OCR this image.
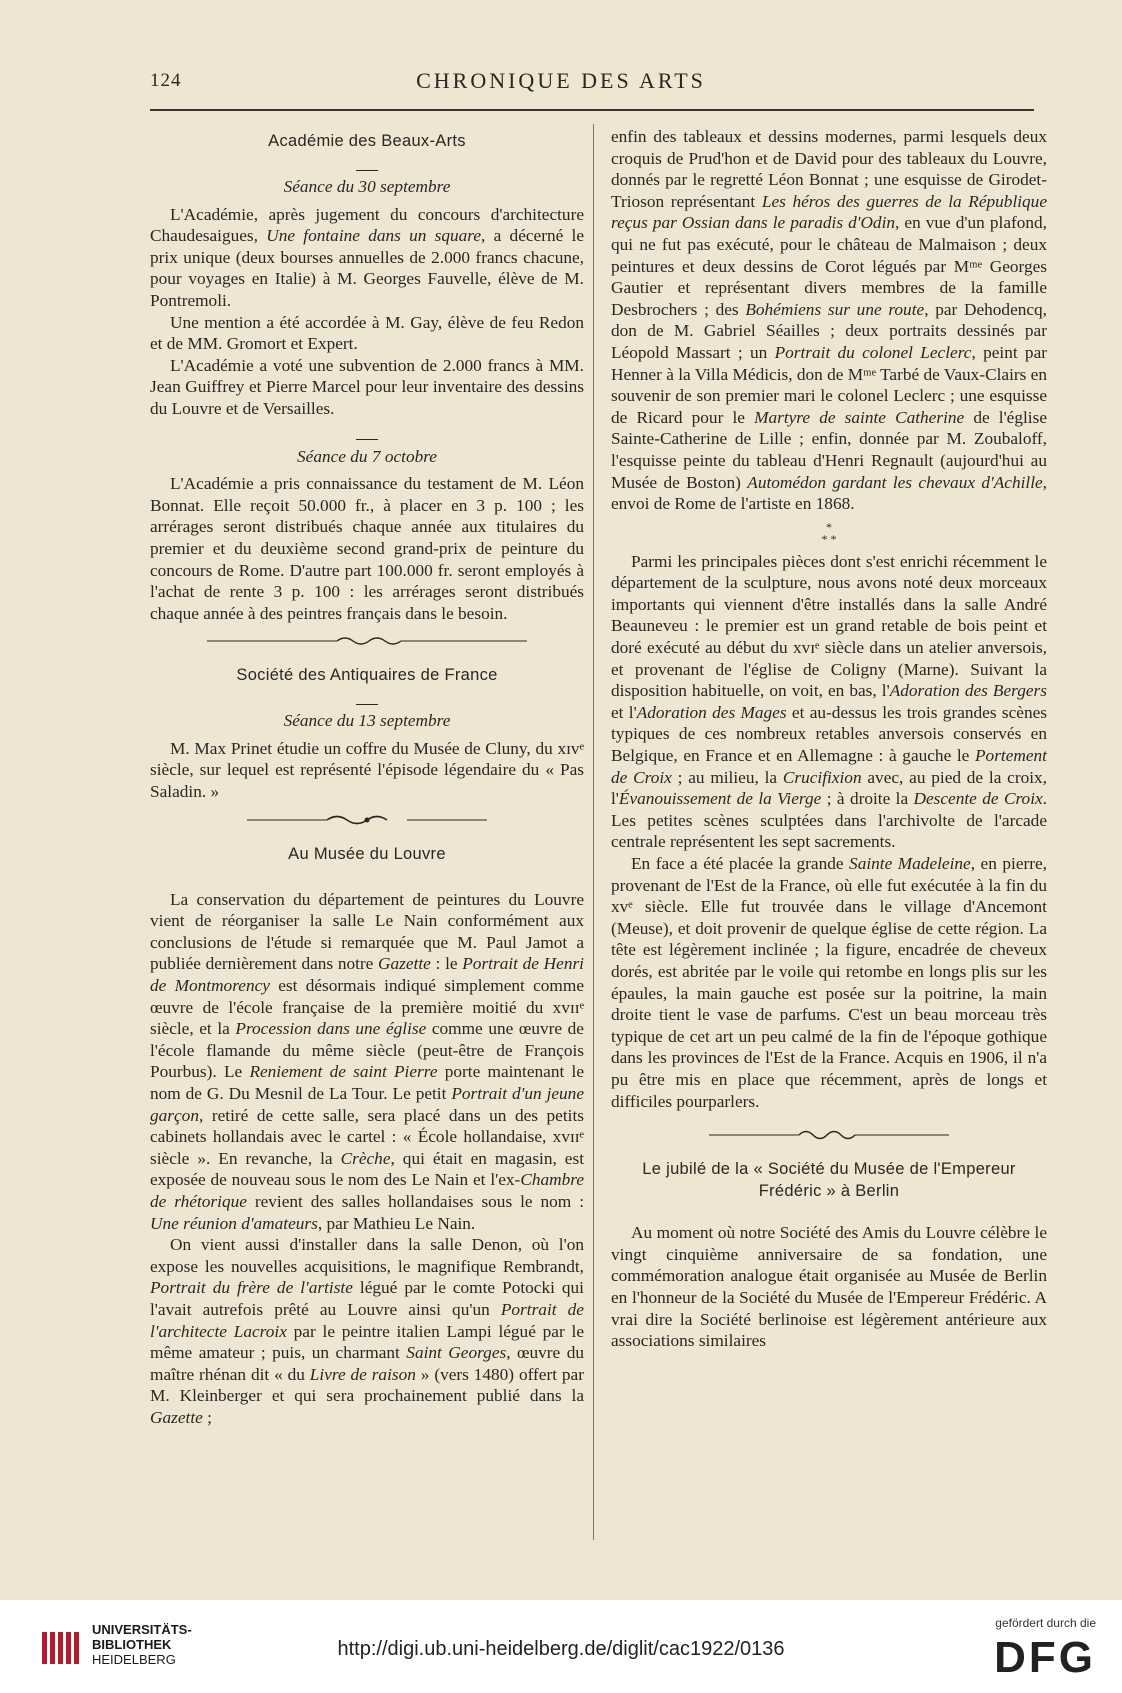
124	CHRONIQUE DES ARTS
Académie des Beaux-Arts
Séance du 30 septembre

L'Académie, après jugement du concours d'architecture Chaudesaigues, Une fontaine dans un square, a décerné le prix unique (deux bourses annuelles de 2.000 francs chacune, pour voyages en Italie) à M. Georges Fauvelle, élève de M. Pontremoli.

Une mention a été accordée à M. Gay, élève de feu Redon et de MM. Gromort et Expert.

L'Académie a voté une subvention de 2.000 francs à MM. Jean Guiffrey et Pierre Marcel pour leur inventaire des dessins du Louvre et de Versailles.

Séance du 7 octobre

L'Académie a pris connaissance du testament de M. Léon Bonnat. Elle reçoit 50.000 fr., à placer en 3 p. 100 ; les arrérages seront distribués chaque année aux titulaires du premier et du deuxième second grand-prix de peinture du concours de Rome. D'autre part 100.000 fr. seront employés à l'achat de rente 3 p. 100 : les arrérages seront distribués chaque année à des peintres français dans le besoin.

Société des Antiquaires de France
Séance du 13 septembre

M. Max Prinet étudie un coffre du Musée de Cluny, du xɪvᵉ siècle, sur lequel est représenté l'épisode légendaire du « Pas Saladin. »

Au Musée du Louvre

La conservation du département de peintures du Louvre vient de réorganiser la salle Le Nain conformément aux conclusions de l'étude si remarquée que M. Paul Jamot a publiée dernièrement dans notre Gazette : le Portrait de Henri de Montmorency est désormais indiqué simplement comme œuvre de l'école française de la première moitié du xvɪɪᵉ siècle, et la Procession dans une église comme une œuvre de l'école flamande du même siècle (peut-être de François Pourbus). Le Reniement de saint Pierre porte maintenant le nom de G. Du Mesnil de La Tour. Le petit Portrait d'un jeune garçon, retiré de cette salle, sera placé dans un des petits cabinets hollandais avec le cartel : « École hollandaise, xvɪɪᵉ siècle ». En revanche, la Crèche, qui était en magasin, est exposée de nouveau sous le nom des Le Nain et l'ex-Chambre de rhétorique revient des salles hollandaises sous le nom : Une réunion d'amateurs, par Mathieu Le Nain.

On vient aussi d'installer dans la salle Denon, où l'on expose les nouvelles acquisitions, le magnifique Rembrandt, Portrait du frère de l'artiste légué par le comte Potocki qui l'avait autrefois prêté au Louvre ainsi qu'un Portrait de l'architecte Lacroix par le peintre italien Lampi légué par le même amateur ; puis, un charmant Saint Georges, œuvre du maître rhénan dit « du Livre de raison » (vers 1480) offert par M. Kleinberger et qui sera prochainement publié dans la Gazette ;

enfin des tableaux et dessins modernes, parmi lesquels deux croquis de Prud'hon et de David pour des tableaux du Louvre, donnés par le regretté Léon Bonnat ; une esquisse de Girodet-Trioson représentant Les héros des guerres de la République reçus par Ossian dans le paradis d'Odin, en vue d'un plafond, qui ne fut pas exécuté, pour le château de Malmaison ; deux peintures et deux dessins de Corot légués par Mᵐᵉ Georges Gautier et représentant divers membres de la famille Desbrochers ; des Bohémiens sur une route, par Dehodencq, don de M. Gabriel Séailles ; deux portraits dessinés par Léopold Massart ; un Portrait du colonel Leclerc, peint par Henner à la Villa Médicis, don de Mᵐᵉ Tarbé de Vaux-Clairs en souvenir de son premier mari le colonel Leclerc ; une esquisse de Ricard pour le Martyre de sainte Catherine de l'église Sainte-Catherine de Lille ; enfin, donnée par M. Zoubaloff, l'esquisse peinte du tableau d'Henri Regnault (aujourd'hui au Musée de Boston) Automédon gardant les chevaux d'Achille, envoi de Rome de l'artiste en 1868.

*
* *

Parmi les principales pièces dont s'est enrichi récemment le département de la sculpture, nous avons noté deux morceaux importants qui viennent d'être installés dans la salle André Beauneveu : le premier est un grand retable de bois peint et doré exécuté au début du xvɪᵉ siècle dans un atelier anversois, et provenant de l'église de Coligny (Marne). Suivant la disposition habituelle, on voit, en bas, l'Adoration des Bergers et l'Adoration des Mages et au-dessus les trois grandes scènes typiques de ces nombreux retables anversois conservés en Belgique, en France et en Allemagne : à gauche le Portement de Croix ; au milieu, la Crucifixion avec, au pied de la croix, l'Évanouissement de la Vierge ; à droite la Descente de Croix. Les petites scènes sculptées dans l'archivolte de l'arcade centrale représentent les sept sacrements.

En face a été placée la grande Sainte Madeleine, en pierre, provenant de l'Est de la France, où elle fut exécutée à la fin du xvᵉ siècle. Elle fut trouvée dans le village d'Ancemont (Meuse), et doit provenir de quelque église de cette région. La tête est légèrement inclinée ; la figure, encadrée de cheveux dorés, est abritée par le voile qui retombe en longs plis sur les épaules, la main gauche est posée sur la poitrine, la main droite tient le vase de parfums. C'est un beau morceau très typique de cet art un peu calmé de la fin de l'époque gothique dans les provinces de l'Est de la France. Acquis en 1906, il n'a pu être mis en place que récemment, après de longs et difficiles pourparlers.

Le jubilé de la « Société du Musée de l'Empereur Frédéric » à Berlin

Au moment où notre Société des Amis du Louvre célèbre le vingt cinquième anniversaire de sa fondation, une commémoration analogue était organisée au Musée de Berlin en l'honneur de la Société du Musée de l'Empereur Frédéric. A vrai dire la Société berlinoise est légèrement antérieure aux associations similaires

UNIVERSITÄTS-
BIBLIOTHEK
HEIDELBERG	http://digi.ub.uni-heidelberg.de/diglit/cac1922/0136
gefördert durch die
DFG
